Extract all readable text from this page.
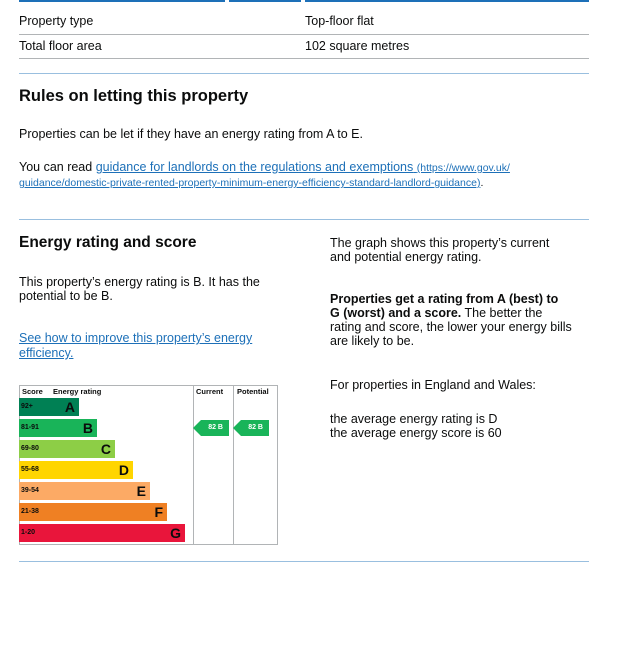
Property type	Top-floor flat
Total floor area	102 square metres
Rules on letting this property

Properties can be let if they have an energy rating from A to E.

You can read guidance for landlords on the regulations and exemptions (https://www.gov.uk/
guidance/domestic-private-rented-property-minimum-energy-efficiency-standard-landlord-guidance).
Energy rating and score

This property’s energy rating is B. It has the

potential to be B.

See how to improve this property’s energy
efficiency.

The graph shows this property’s current

and potential energy rating.

Properties get a rating from A (best) to

G (worst) and a score. The better the

rating and score, the lower your energy bills

are likely to be.

For properties in England and Wales:

the average energy rating is D

the average energy score is 60

Score Energy rating	Current Potential
92+ A
81-91	B
69-80	C
55-68	D
39-54	E
21-38	F
1-20	G
82 B	82 B
